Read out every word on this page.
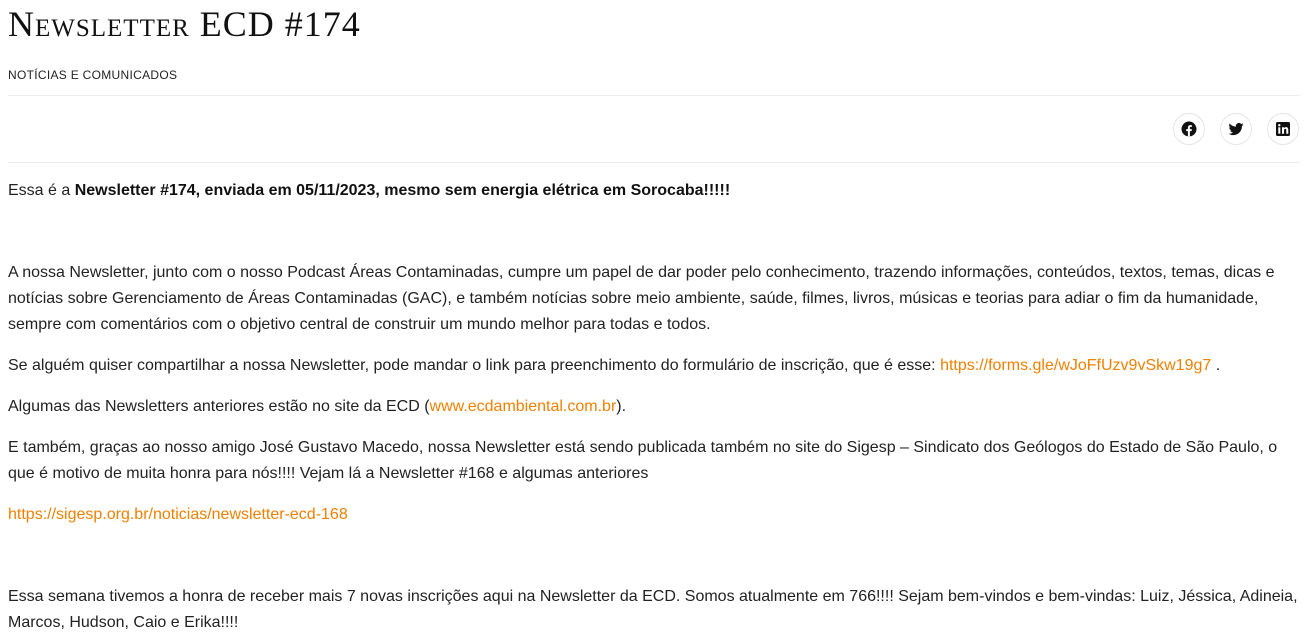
Newsletter ECD #174
NOTÍCIAS E COMUNICADOS

Essa é a Newsletter #174, enviada em 05/11/2023, mesmo sem energia elétrica em Sorocaba!!!!!

A nossa Newsletter, junto com o nosso Podcast Áreas Contaminadas, cumpre um papel de dar poder pelo conhecimento, trazendo informações, conteúdos, textos, temas, dicas e notícias sobre Gerenciamento de Áreas Contaminadas (GAC), e também notícias sobre meio ambiente, saúde, filmes, livros, músicas e teorias para adiar o fim da humanidade, sempre com comentários com o objetivo central de construir um mundo melhor para todas e todos.

Se alguém quiser compartilhar a nossa Newsletter, pode mandar o link para preenchimento do formulário de inscrição, que é esse: https://forms.gle/wJoFfUzv9vSkw19g7 .

Algumas das Newsletters anteriores estão no site da ECD (www.ecdambiental.com.br).

E também, graças ao nosso amigo José Gustavo Macedo, nossa Newsletter está sendo publicada também no site do Sigesp – Sindicato dos Geólogos do Estado de São Paulo, o que é motivo de muita honra para nós!!!! Vejam lá a Newsletter #168 e algumas anteriores

https://sigesp.org.br/noticias/newsletter-ecd-168

Essa semana tivemos a honra de receber mais 7 novas inscrições aqui na Newsletter da ECD. Somos atualmente em 766!!!! Sejam bem-vindos e bem-vindas: Luiz, Jéssica, Adineia, Marcos, Hudson, Caio e Erika!!!!
